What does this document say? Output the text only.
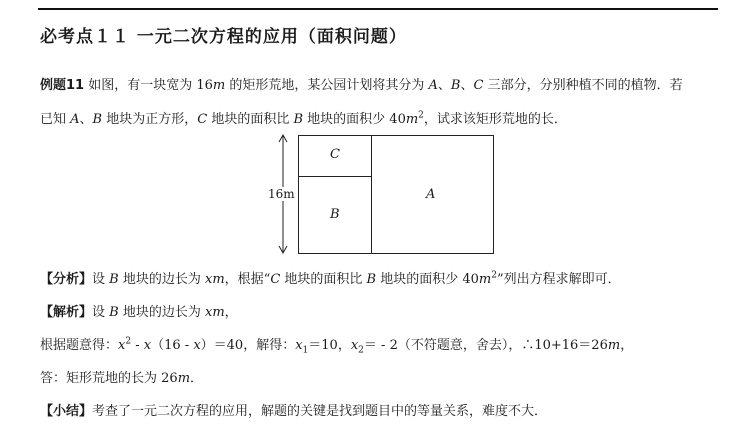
必考点１１ 一元二次方程的应用（面积问题）
例题11 如图，有一块宽为 16m 的矩形荒地，某公园计划将其分为 A、B、C 三部分，分别种植不同的植物．若
已知 A、B 地块为正方形，C 地块的面积比 B 地块的面积少 $40m^2$，试求该矩形荒地的长．
16m
C
B
A
【分析】设 B 地块的边长为 xm，根据“C 地块的面积比 B 地块的面积少 $40m^2$”列出方程求解即可．
【解析】设 B 地块的边长为 xm，
根据题意得：$x^2 - x(16 - x)=40$，解得：$x_1=10$，$x_2= - 2$（不符题意，舍去），∴10+16＝26m，
答：矩形荒地的长为 26m．
【小结】考查了一元二次方程的应用，解题的关键是找到题目中的等量关系，难度不大．
